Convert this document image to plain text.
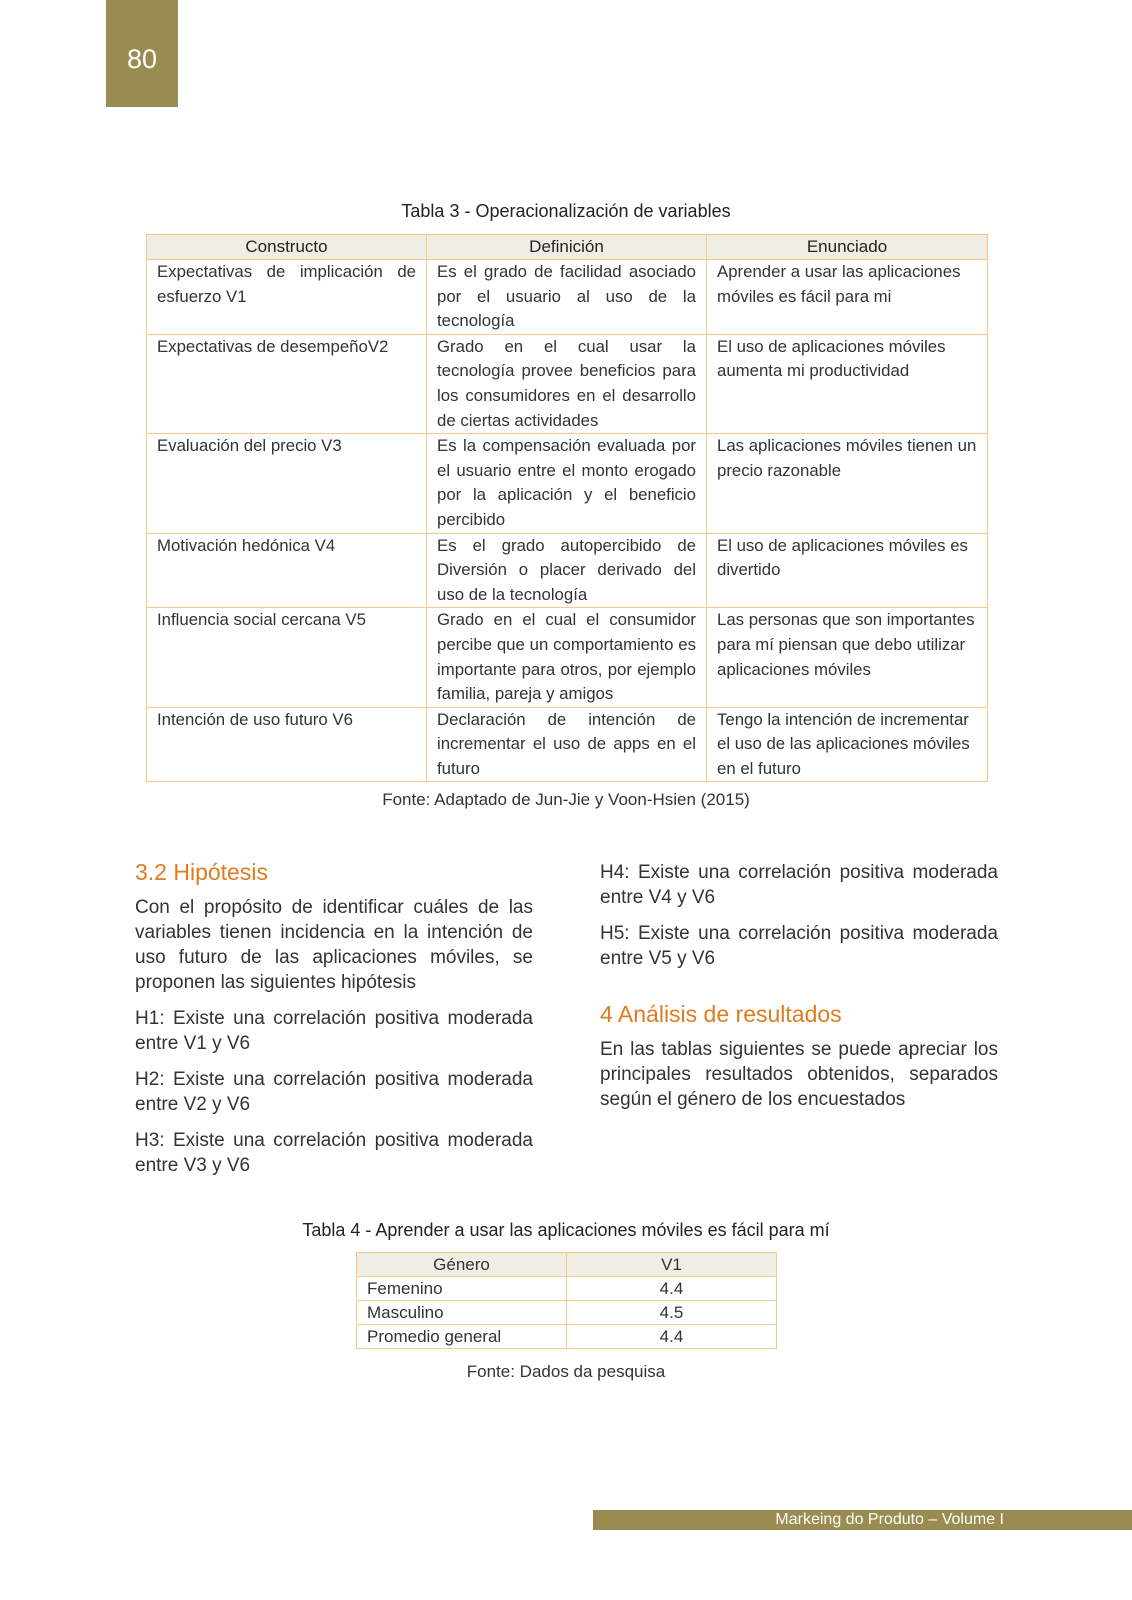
80
Tabla 3 - Operacionalización de variables
Constructo	Definición	Enunciado
Expectativas de implicación de esfuerzo V1	Es el grado de facilidad asociado por el usuario al uso de la tecnología	Aprender a usar las aplicaciones móviles es fácil para mi
Expectativas de desempeñoV2	Grado en el cual usar la tecnología provee beneficios para los consumidores en el desarrollo de ciertas actividades	El uso de aplicaciones móviles aumenta mi productividad
Evaluación del precio V3	Es la compensación evaluada por el usuario entre el monto erogado por la aplicación y el beneficio percibido	Las aplicaciones móviles tienen un precio razonable
Motivación hedónica V4	Es el grado autopercibido de Diversión o placer derivado del uso de la tecnología	El uso de aplicaciones móviles es divertido
Influencia social cercana V5	Grado en el cual el consumidor percibe que un comportamiento es importante para otros, por ejemplo familia, pareja y amigos	Las personas que son importantes para mí piensan que debo utilizar aplicaciones móviles
Intención de uso futuro V6	Declaración de intención de incrementar el uso de apps en el futuro	Tengo la intención de incrementar el uso de las aplicaciones móviles en el futuro
Fonte: Adaptado de Jun-Jie y Voon-Hsien (2015)
3.2 Hipótesis

Con el propósito de identificar cuáles de las variables tienen incidencia en la intención de uso futuro de las aplicaciones móviles, se proponen las siguientes hipótesis

H1: Existe una correlación positiva moderada entre V1 y V6

H2: Existe una correlación positiva moderada entre V2 y V6

H3: Existe una correlación positiva moderada entre V3 y V6

H4: Existe una correlación positiva moderada entre V4 y V6

H5: Existe una correlación positiva moderada entre V5 y V6

4 Análisis de resultados

En las tablas siguientes se puede apreciar los principales resultados obtenidos, separados según el género de los encuestados

Tabla 4 - Aprender a usar las aplicaciones móviles es fácil para mí
Género	V1
Femenino	4.4
Masculino	4.5
Promedio general	4.4
Fonte: Dados da pesquisa
Markeing do Produto – Volume I
